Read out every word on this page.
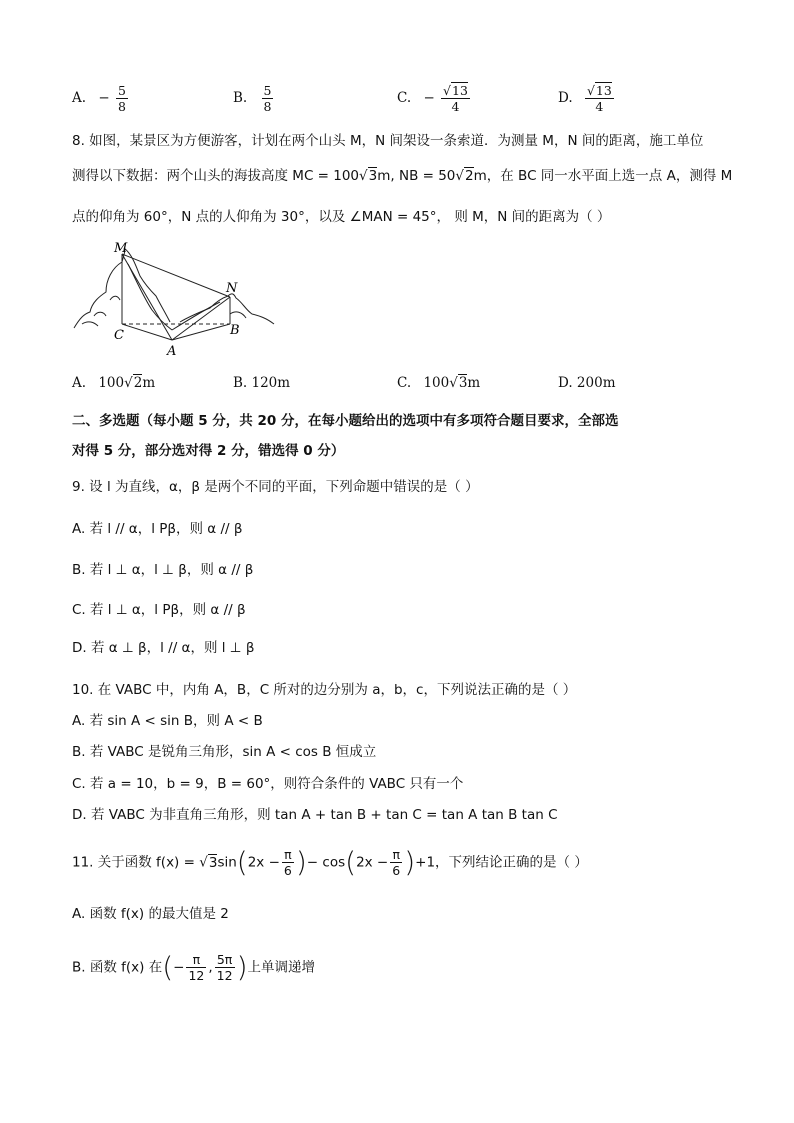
A. − $\frac{5}{8}$	B. $\frac{5}{8}$	C. − $\frac{√13}{4}$	D. $\frac{√13}{4}$
8. 如图，某景区为方便游客，计划在两个山头 M，N 间架设一条索道．为测量 M，N 间的距离，施工单位
测得以下数据：两个山头的海拔高度 MC = 100√3m, NB = 50√2m，在 BC 同一水平面上选一点 A，测得 M
点的仰角为 60°，N 点的人仰角为 30°，以及 ∠MAN = 45°， 则 M，N 间的距离为（ ）
M
N
C
A
B
A. 100√2m	B. 120m	C. 100√3m	D. 200m
二、多选题（每小题 5 分，共 20 分，在每小题给出的选项中有多项符合题目要求，全部选
对得 5 分，部分选对得 2 分，错选得 0 分）
9. 设 l 为直线，α，β 是两个不同的平面，下列命题中错误的是（ ）
A. 若 l // α，l Pβ，则 α // β
B. 若 l ⊥ α，l ⊥ β，则 α // β
C. 若 l ⊥ α，l Pβ，则 α // β
D. 若 α ⊥ β，l // α，则 l ⊥ β
10. 在 VABC 中，内角 A，B，C 所对的边分别为 a，b，c，下列说法正确的是（ ）
A. 若 sin A < sin B，则 A < B
B. 若 VABC 是锐角三角形，sin A < cos B 恒成立
C. 若 a = 10，b = 9，B = 60°，则符合条件的 VABC 只有一个
D. 若 VABC 为非直角三角形，则 tan A + tan B + tan C = tan A tan B tan C
11. 关于函数 $f(x) = √3\sin(2x - \frac{\pi}{6}$ )− $\cos(2x - \frac{\pi}{6} )+1$，下列结论正确的是（ ）
A. 函数 f(x) 的最大值是 2
B. 函数 f(x) 在(− $\frac{\pi}{12}$ , $\frac{5\pi}{12}$ )上单调递增
